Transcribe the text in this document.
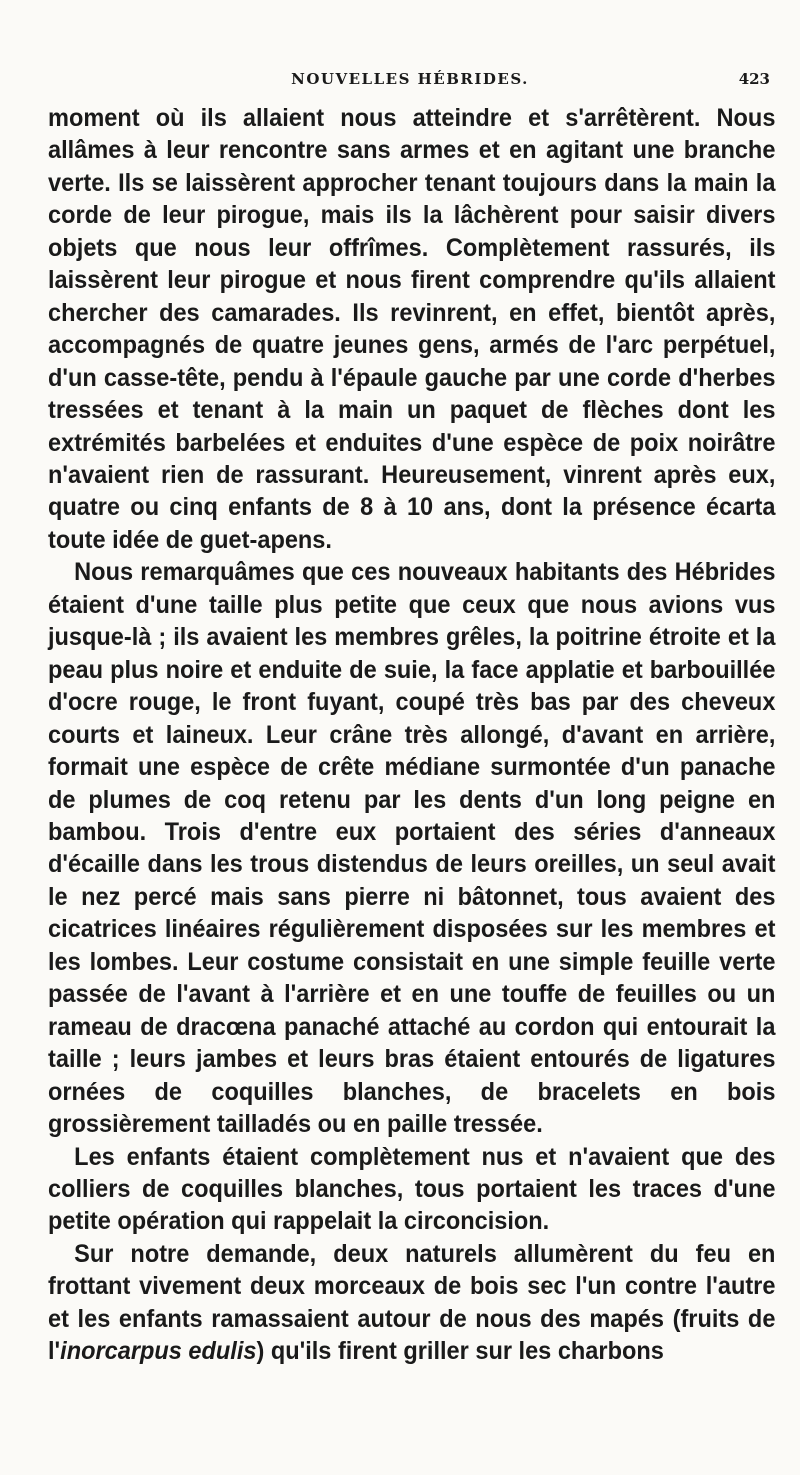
NOUVELLES HÉBRIDES.	423

moment où ils allaient nous atteindre et s'arrêtèrent. Nous allâmes à leur rencontre sans armes et en agitant une branche verte. Ils se laissèrent approcher tenant toujours dans la main la corde de leur pirogue, mais ils la lâchèrent pour saisir divers objets que nous leur offrîmes. Complètement rassurés, ils laissèrent leur pirogue et nous firent comprendre qu'ils allaient chercher des camarades. Ils revinrent, en effet, bientôt après, accompagnés de quatre jeunes gens, armés de l'arc perpétuel, d'un casse-tête, pendu à l'épaule gauche par une corde d'herbes tressées et tenant à la main un paquet de flèches dont les extrémités barbelées et enduites d'une espèce de poix noirâtre n'avaient rien de rassurant. Heureusement, vinrent après eux, quatre ou cinq enfants de 8 à 10 ans, dont la présence écarta toute idée de guet-apens.

Nous remarquâmes que ces nouveaux habitants des Hébrides étaient d'une taille plus petite que ceux que nous avions vus jusque-là ; ils avaient les membres grêles, la poitrine étroite et la peau plus noire et enduite de suie, la face applatie et barbouillée d'ocre rouge, le front fuyant, coupé très bas par des cheveux courts et laineux. Leur crâne très allongé, d'avant en arrière, formait une espèce de crête médiane surmontée d'un panache de plumes de coq retenu par les dents d'un long peigne en bambou. Trois d'entre eux portaient des séries d'anneaux d'écaille dans les trous distendus de leurs oreilles, un seul avait le nez percé mais sans pierre ni bâtonnet, tous avaient des cicatrices linéaires régulièrement disposées sur les membres et les lombes. Leur costume consistait en une simple feuille verte passée de l'avant à l'arrière et en une touffe de feuilles ou un rameau de dracœna panaché attaché au cordon qui entourait la taille ; leurs jambes et leurs bras étaient entourés de ligatures ornées de coquilles blanches, de bracelets en bois grossièrement tailladés ou en paille tressée.

Les enfants étaient complètement nus et n'avaient que des colliers de coquilles blanches, tous portaient les traces d'une petite opération qui rappelait la circoncision.

Sur notre demande, deux naturels allumèrent du feu en frottant vivement deux morceaux de bois sec l'un contre l'autre et les enfants ramassaient autour de nous des mapés (fruits de l'inorcarpus edulis) qu'ils firent griller sur les charbons
